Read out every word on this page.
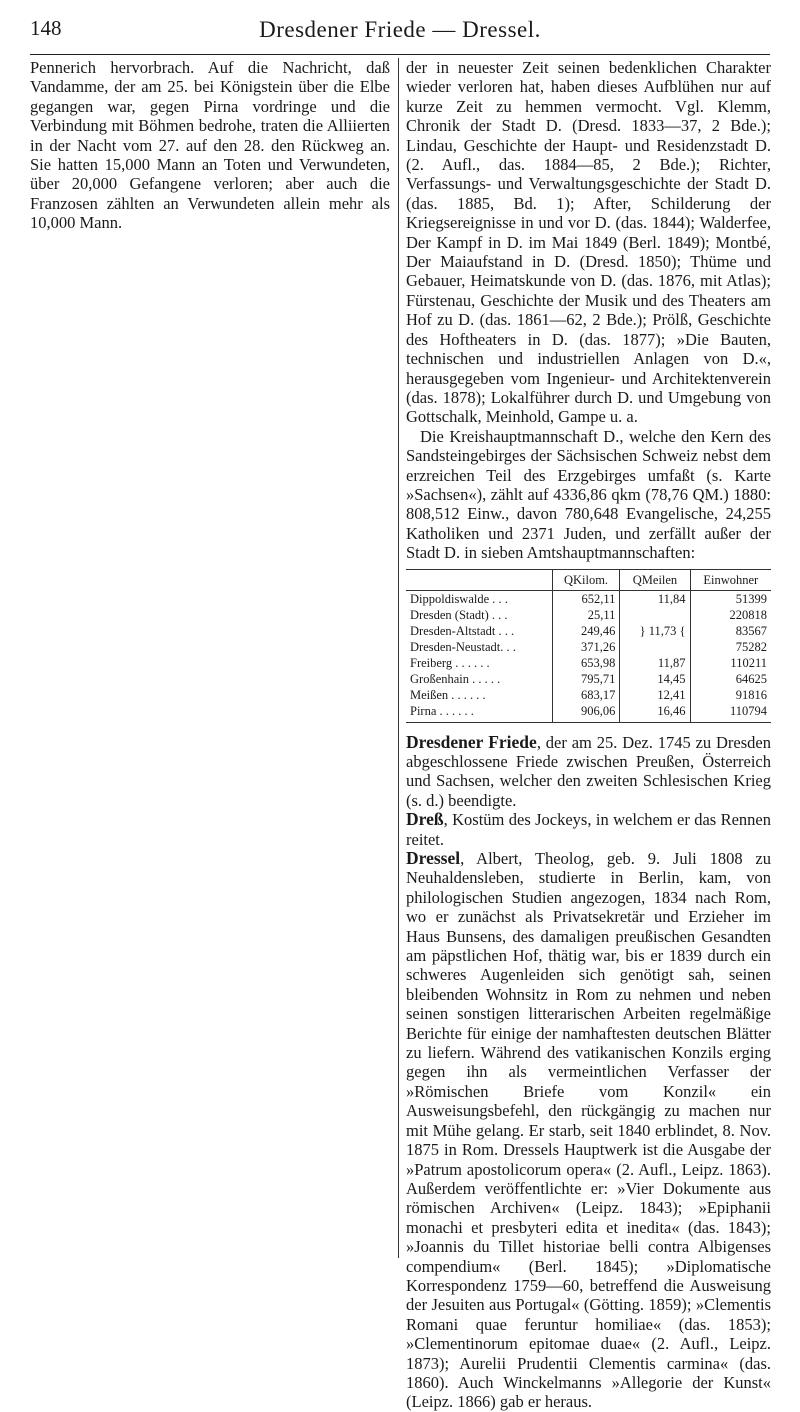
148	Dresdener Friede — Dressel.

Pennerich hervorbrach. Auf die Nachricht, daß Vandamme, der am 25. bei Königstein über die Elbe gegangen war, gegen Pirna vordringe und die Verbindung mit Böhmen bedrohe, traten die Alliierten in der Nacht vom 27. auf den 28. den Rückweg an. Sie hatten 15,000 Mann an Toten und Verwundeten, über 20,000 Gefangene verloren; aber auch die Franzosen zählten an Verwundeten allein mehr als 10,000 Mann.

der in neuester Zeit seinen bedenklichen Charakter wieder verloren hat, haben dieses Aufblühen nur auf kurze Zeit zu hemmen vermocht. Vgl. Klemm, Chronik der Stadt D. (Dresd. 1833—37, 2 Bde.); Lindau, Geschichte der Haupt- und Residenzstadt D. (2. Aufl., das. 1884—85, 2 Bde.); Richter, Verfassungs- und Verwaltungsgeschichte der Stadt D. (das. 1885, Bd. 1); After, Schilderung der Kriegsereignisse in und vor D. (das. 1844); Walderfee, Der Kampf in D. im Mai 1849 (Berl. 1849); Montbé, Der Maiaufstand in D. (Dresd. 1850); Thüme und Gebauer, Heimatskunde von D. (das. 1876, mit Atlas); Fürstenau, Geschichte der Musik und des Theaters am Hof zu D. (das. 1861—62, 2 Bde.); Prölß, Geschichte des Hoftheaters in D. (das. 1877); »Die Bauten, technischen und industriellen Anlagen von D.«, herausgegeben vom Ingenieur- und Architektenverein (das. 1878); Lokalführer durch D. und Umgebung von Gottschalk, Meinhold, Gampe u. a.

Die Kreishauptmannschaft D., welche den Kern des Sandsteingebirges der Sächsischen Schweiz nebst dem erzreichen Teil des Erzgebirges umfaßt (s. Karte »Sachsen«), zählt auf 4336,86 qkm (78,76 QM.) 1880: 808,512 Einw., davon 780,648 Evangelische, 24,255 Katholiken und 2371 Juden, und zerfällt außer der Stadt D. in sieben Amtshauptmannschaften:

	QKilom.	QMeilen	Einwohner
Dippoldiswalde . . .	652,11	11,84	51399
Dresden (Stadt) . . .	25,11		220818
Dresden-Altstadt . . .	249,46	} 11,73 {	83567
Dresden-Neustadt. . .	371,26		75282
Freiberg . . . . . .	653,98	11,87	110211
Großenhain . . . . .	795,71	14,45	64625
Meißen . . . . . .	683,17	12,41	91816
Pirna . . . . . .	906,06	16,46	110794

Dresdener Friede, der am 25. Dez. 1745 zu Dresden abgeschlossene Friede zwischen Preußen, Österreich und Sachsen, welcher den zweiten Schlesischen Krieg (s. d.) beendigte.

Dreß, Kostüm des Jockeys, in welchem er das Rennen reitet.

Dressel, Albert, Theolog, geb. 9. Juli 1808 zu Neuhaldensleben, studierte in Berlin, kam, von philologischen Studien angezogen, 1834 nach Rom, wo er zunächst als Privatsekretär und Erzieher im Haus Bunsens, des damaligen preußischen Gesandten am päpstlichen Hof, thätig war, bis er 1839 durch ein schweres Augenleiden sich genötigt sah, seinen bleibenden Wohnsitz in Rom zu nehmen und neben seinen sonstigen litterarischen Arbeiten regelmäßige Berichte für einige der namhaftesten deutschen Blätter zu liefern. Während des vatikanischen Konzils erging gegen ihn als vermeintlichen Verfasser der »Römischen Briefe vom Konzil« ein Ausweisungsbefehl, den rückgängig zu machen nur mit Mühe gelang. Er starb, seit 1840 erblindet, 8. Nov. 1875 in Rom. Dressels Hauptwerk ist die Ausgabe der »Patrum apostolicorum opera« (2. Aufl., Leipz. 1863). Außerdem veröffentlichte er: »Vier Dokumente aus römischen Archiven« (Leipz. 1843); »Epiphanii monachi et presbyteri edita et inedita« (das. 1843); »Joannis du Tillet historiae belli contra Albigenses compendium« (Berl. 1845); »Diplomatische Korrespondenz 1759—60, betreffend die Ausweisung der Jesuiten aus Portugal« (Götting. 1859); »Clementis Romani quae feruntur homiliae« (das. 1853); »Clementinorum epitomae duae« (2. Aufl., Leipz. 1873); Aurelii Prudentii Clementis carmina« (das. 1860). Auch Winckelmanns »Allegorie der Kunst« (Leipz. 1866) gab er heraus.
